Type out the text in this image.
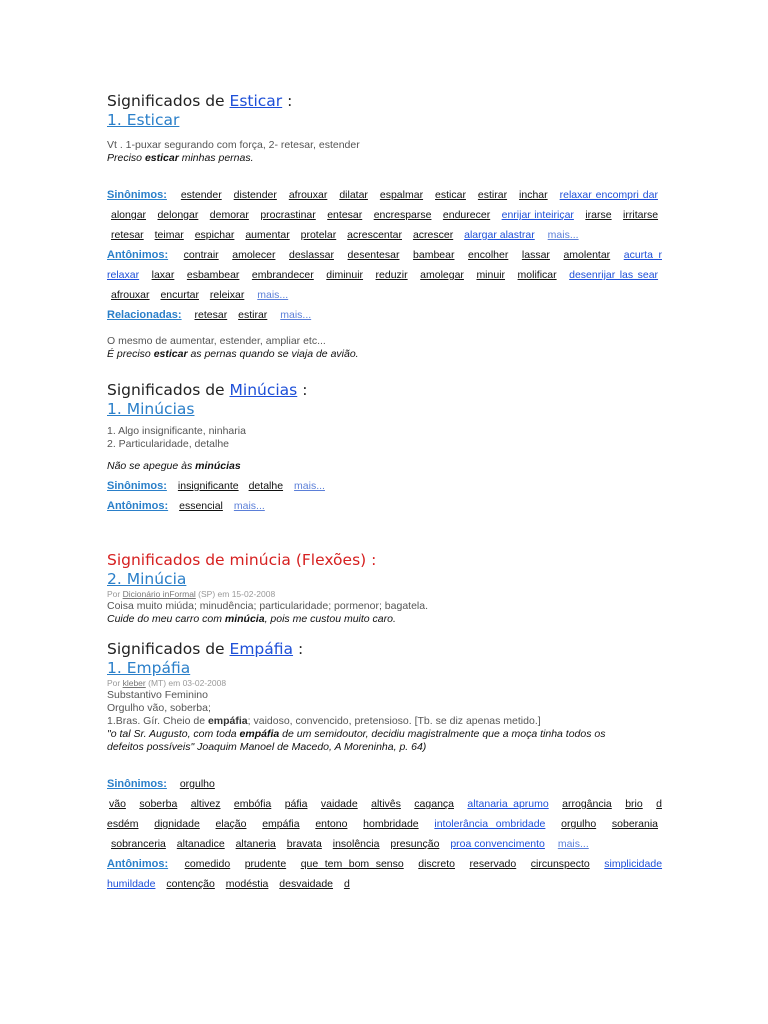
Significados de Esticar :
1. Esticar
Vt . 1-puxar segurando com força, 2- retesar, estender
Preciso esticar minhas pernas.
Sinônimos: estender distender afrouxar dilatar espalmar esticar estirar inchar relaxar encompri dar alongar delongar demorar procrastinar entesar encresparse endurecer enrijar inteiriçar irarse irritarse retesar teimar espichar aumentar protelar acrescentar acrescer alargar alastrar mais...
Antônimos: contrair amolecer deslassar desentesar bambear encolher lassar amolentar acurta r relaxar laxar esbambear embrandecer diminuir reduzir amolegar minuir molificar desenrijar las sear afrouxar encurtar releixar mais...
Relacionadas: retesar estirar mais...
O mesmo de aumentar, estender, ampliar etc...
É preciso esticar as pernas quando se viaja de avião.
Significados de Minúcias :
1. Minúcias
1. Algo insignificante, ninharia
2. Particularidade, detalhe
Não se apegue às minúcias
Sinônimos: insignificante detalhe mais...
Antônimos: essencial mais...
Significados de minúcia (Flexões) :
2. Minúcia
Por Dicionário inFormal (SP) em 15-02-2008
Coisa muito miúda; minudência; particularidade; pormenor; bagatela.
Cuide do meu carro com minúcia, pois me custou muito caro.
Significados de Empáfia :
1. Empáfia
Por kleber (MT) em 03-02-2008
Substantivo Feminino
Orgulho vão, soberba;
1.Bras. Gír. Cheio de empáfia; vaidoso, convencido, pretensioso. [Tb. se diz apenas metido.]
"o tal Sr. Augusto, com toda empáfia de um semidoutor, decidiu magistralmente que a moça tinha todos os
defeitos possíveis" Joaquim Manoel de Macedo, A Moreninha, p. 64)
Sinônimos: orgulho
vão soberba altivez embófia páfia vaidade altivês cagança altanaria aprumo arrogância brio d esdém dignidade elação empáfia entono hombridade intolerância ombridade orgulho soberania sobranceria altanadice altaneria bravata insolência presunção proa convencimento mais...
Antônimos: comedido prudente que tem bom senso discreto reservado circunspecto simplicidade humildade contenção modéstia desvaidade d
